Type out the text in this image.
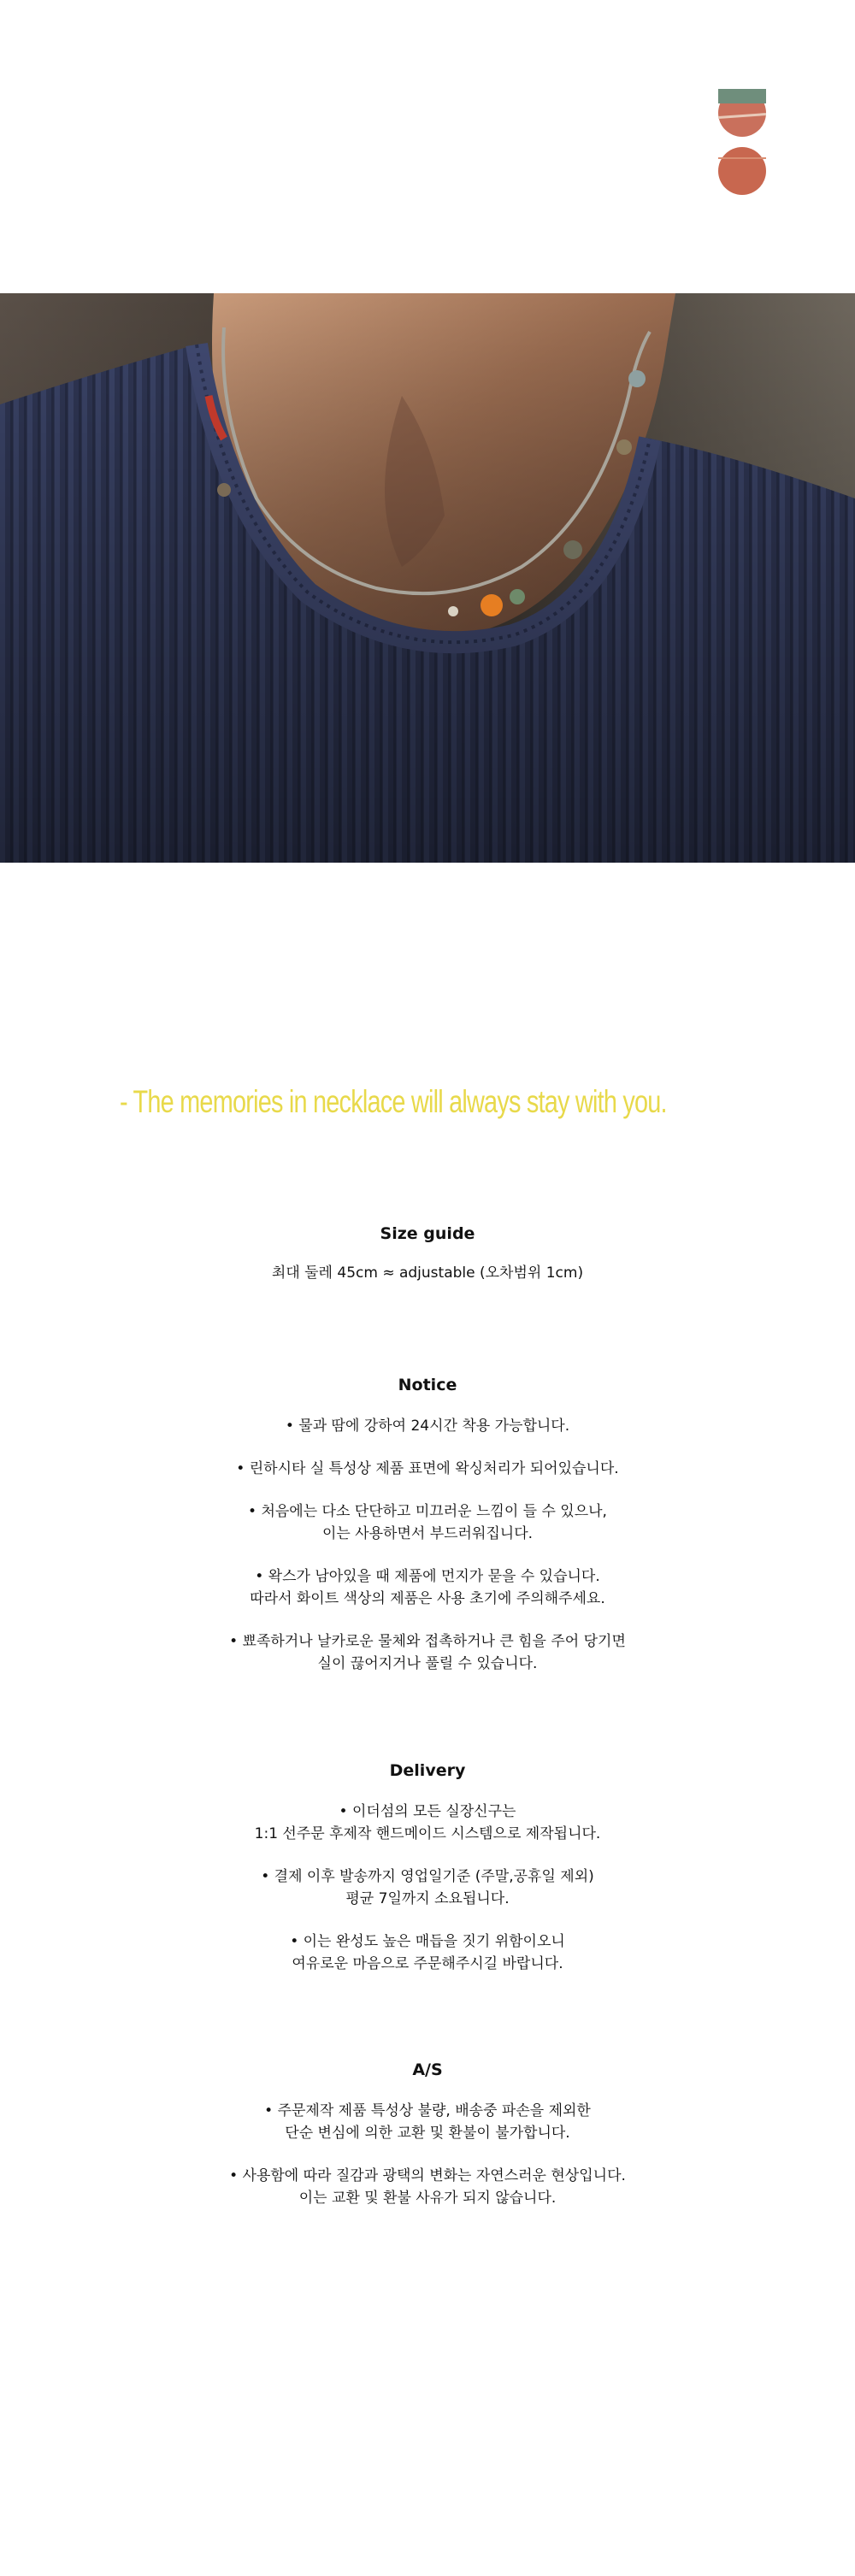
- The memories in necklace will always stay with you.
Size guide
최대 둘레 45cm ≈ adjustable (오차범위 1cm)
Notice
• 물과 땀에 강하여 24시간 착용 가능합니다.
• 린하시타 실 특성상 제품 표면에 왁싱처리가 되어있습니다.
• 처음에는 다소 단단하고 미끄러운 느낌이 들 수 있으나,
이는 사용하면서 부드러워집니다.
• 왁스가 남아있을 때 제품에 먼지가 묻을 수 있습니다.
따라서 화이트 색상의 제품은 사용 초기에 주의해주세요.
• 뾰족하거나 날카로운 물체와 접촉하거나 큰 힘을 주어 당기면
실이 끊어지거나 풀릴 수 있습니다.
Delivery
• 이더섬의 모든 실장신구는
1:1 선주문 후제작 핸드메이드 시스템으로 제작됩니다.
• 결제 이후 발송까지 영업일기준 (주말,공휴일 제외)
평균 7일까지 소요됩니다.
• 이는 완성도 높은 매듭을 짓기 위함이오니
여유로운 마음으로 주문해주시길 바랍니다.
A/S
• 주문제작 제품 특성상 불량, 배송중 파손을 제외한
단순 변심에 의한 교환 및 환불이 불가합니다.
• 사용함에 따라 질감과 광택의 변화는 자연스러운 현상입니다.
이는 교환 및 환불 사유가 되지 않습니다.
